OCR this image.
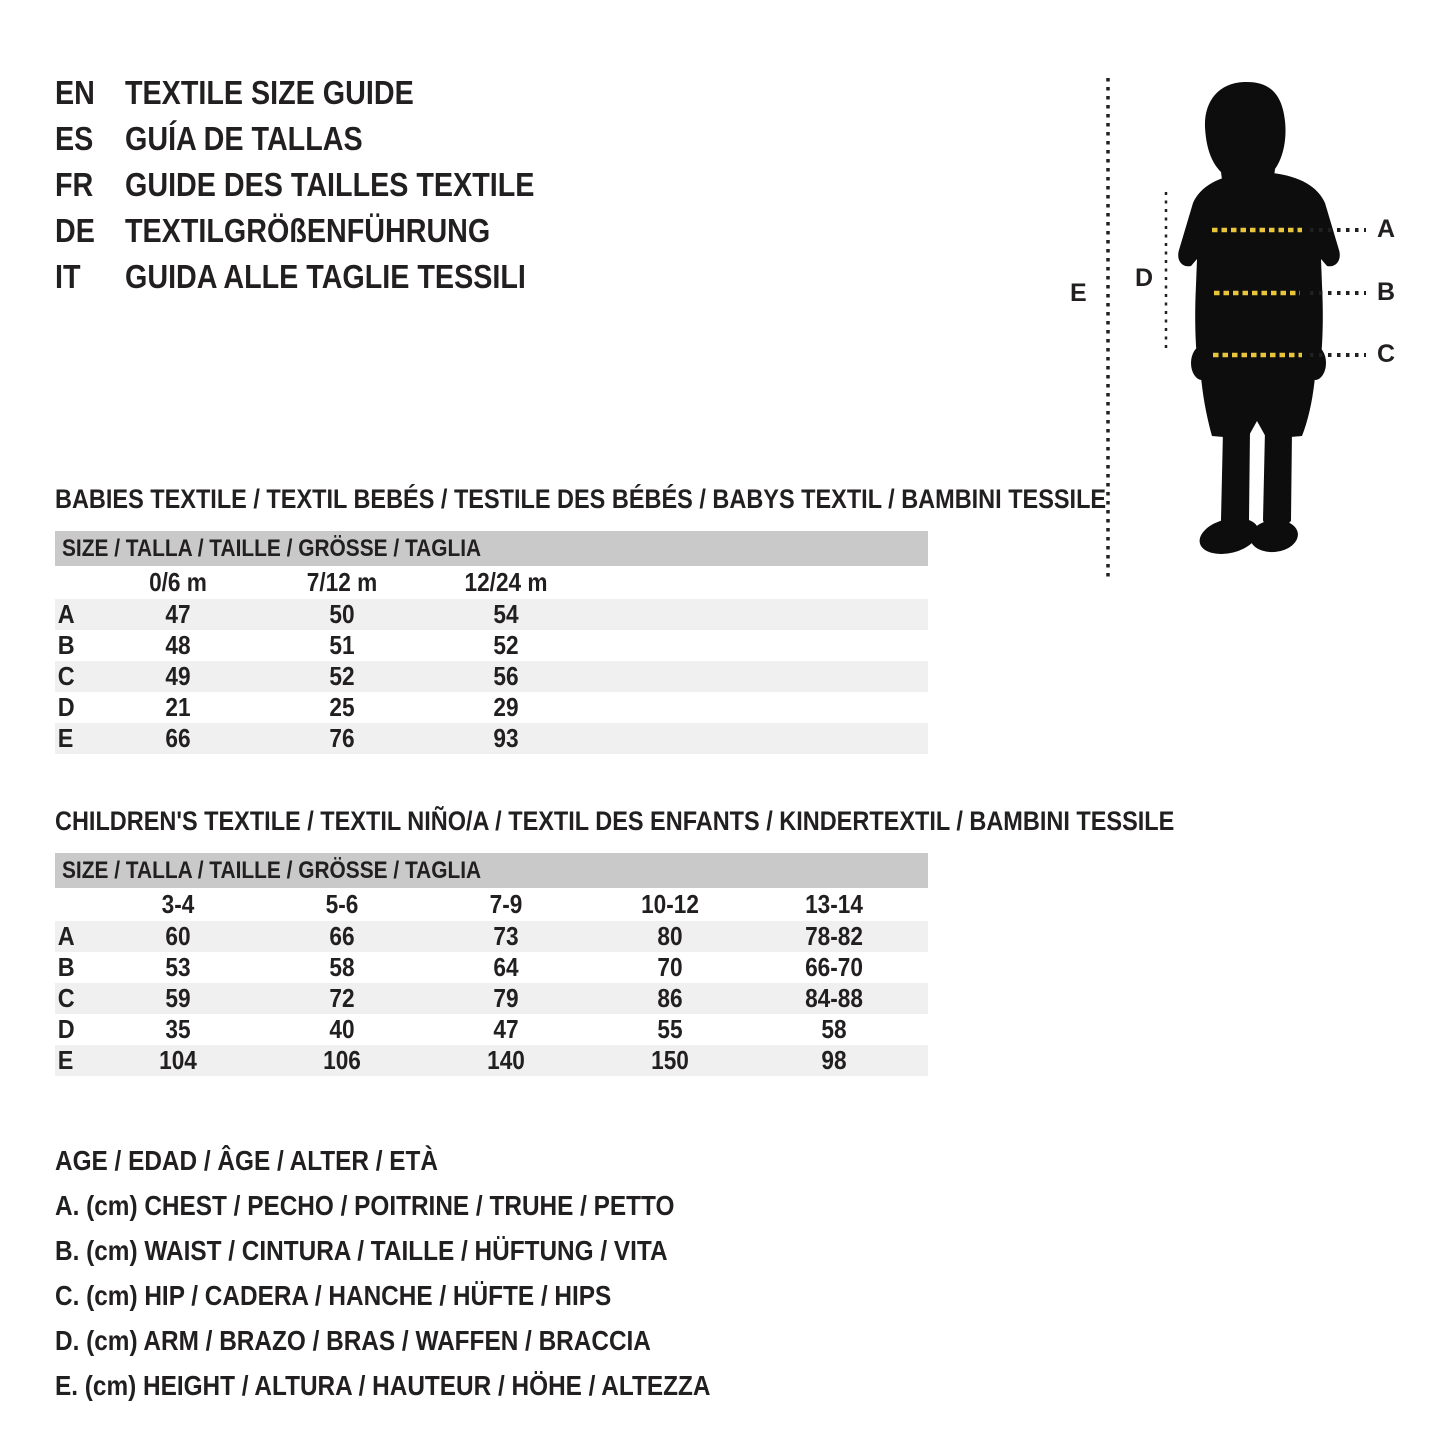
EN TEXTILE SIZE GUIDE
ES GUÍA DE TALLAS
FR GUIDE DES TAILLES TEXTILE
DE TEXTILGRÖßENFÜHRUNG
IT	GUIDA ALLE TAGLIE TESSILI
A
B
C
D
E
BABIES TEXTILE / TEXTIL BEBÉS / TESTILE DES BÉBÉS / BABYS TEXTIL / BAMBINI TESSILE
SIZE / TALLA / TAILLE / GRÖSSE / TAGLIA
0/6 m	7/12 m	12/24 m
A	47	50	54
B	48	51	52
C	49	52	56
D	21	25	29
E	66	76	93
CHILDREN'S TEXTILE / TEXTIL NIÑO/A / TEXTIL DES ENFANTS / KINDERTEXTIL / BAMBINI TESSILE
SIZE / TALLA / TAILLE / GRÖSSE / TAGLIA
3-4	5-6	7-9	10-12	13-14
A	60	66	73	80	78-82
B	53	58	64	70	66-70
C	59	72	79	86	84-88
D	35	40	47	55	58
E	104	106	140	150	98
AGE / EDAD / ÂGE / ALTER / ETÀ
A. (cm) CHEST / PECHO / POITRINE / TRUHE / PETTO
B. (cm) WAIST / CINTURA / TAILLE / HÜFTUNG / VITA
C. (cm) HIP / CADERA / HANCHE / HÜFTE / HIPS
D. (cm) ARM / BRAZO / BRAS / WAFFEN / BRACCIA
E. (cm) HEIGHT / ALTURA / HAUTEUR / HÖHE / ALTEZZA
